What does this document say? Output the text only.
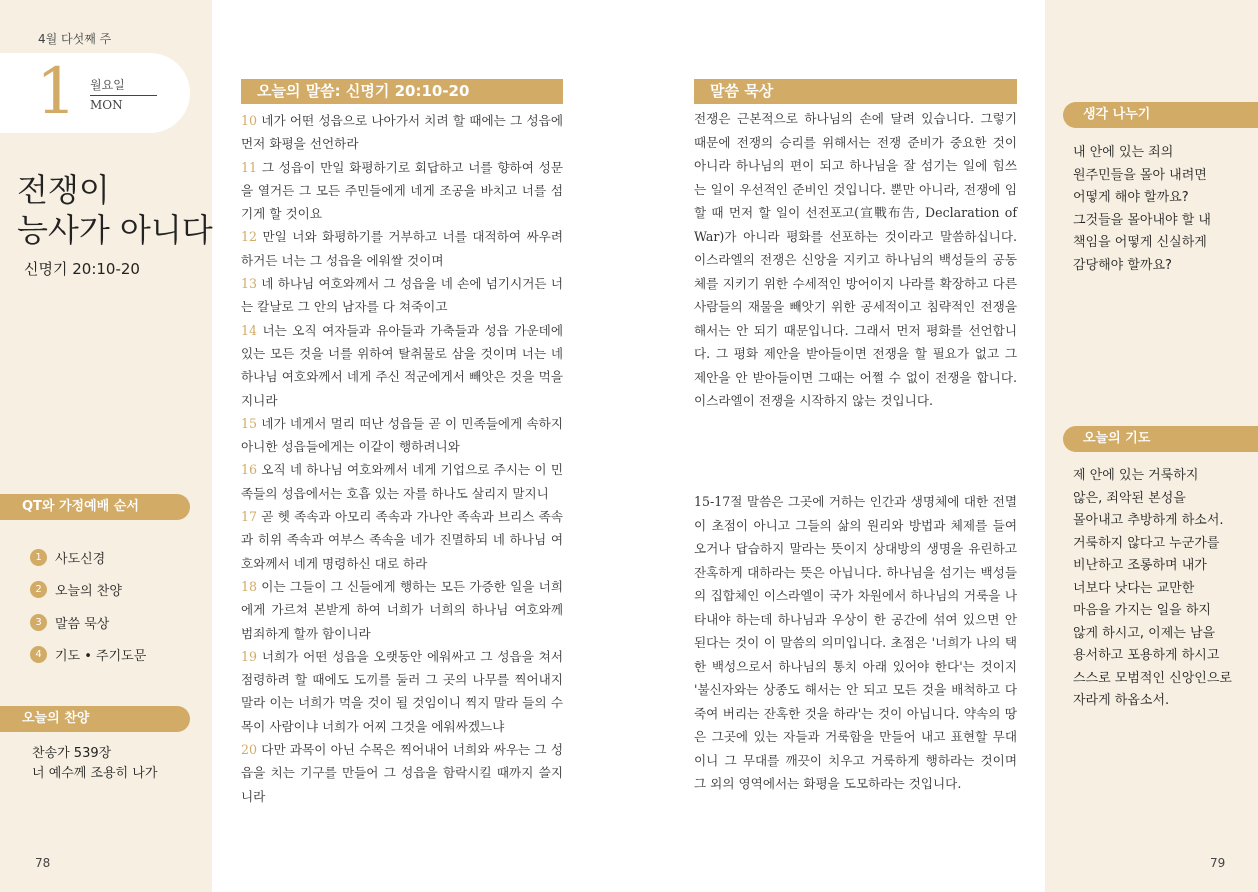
4월 다섯째 주
1 월요일
MON
전쟁이
능사가 아니다
신명기 20:10-20
QT와 가정예배 순서
1	사도신경
2	오늘의 찬양
3	말씀 묵상
4	기도 • 주기도문
오늘의 찬양
찬송가 539장
너 예수께 조용히 나가
78
오늘의 말씀: 신명기 20:10-20
10 네가 어떤 성읍으로 나아가서 치려 할 때에는 그 성읍에 먼저 화평을 선언하라
11 그 성읍이 만일 화평하기로 회답하고 너를 향하여 성문을 열거든 그 모든 주민들에게 네게 조공을 바치고 너를 섬기게 할 것이요
12 만일 너와 화평하기를 거부하고 너를 대적하여 싸우려 하거든 너는 그 성읍을 에워쌀 것이며
13 네 하나님 여호와께서 그 성읍을 네 손에 넘기시거든 너는 칼날로 그 안의 남자를 다 쳐죽이고
14 너는 오직 여자들과 유아들과 가축들과 성읍 가운데에 있는 모든 것을 너를 위하여 탈취물로 삼을 것이며 너는 네 하나님 여호와께서 네게 주신 적군에게서 빼앗은 것을 먹을지니라
15 네가 네게서 멀리 떠난 성읍들 곧 이 민족들에게 속하지 아니한 성읍들에게는 이같이 행하려니와
16 오직 네 하나님 여호와께서 네게 기업으로 주시는 이 민족들의 성읍에서는 호흡 있는 자를 하나도 살리지 말지니
17 곧 헷 족속과 아모리 족속과 가나안 족속과 브리스 족속과 히위 족속과 여부스 족속을 네가 진멸하되 네 하나님 여호와께서 네게 명령하신 대로 하라
18 이는 그들이 그 신들에게 행하는 모든 가증한 일을 너희에게 가르쳐 본받게 하여 너희가 너희의 하나님 여호와께 범죄하게 할까 함이니라
19 너희가 어떤 성읍을 오랫동안 에워싸고 그 성읍을 쳐서 점령하려 할 때에도 도끼를 둘러 그 곳의 나무를 찍어내지 말라 이는 너희가 먹을 것이 될 것임이니 찍지 말라 들의 수목이 사람이냐 너희가 어찌 그것을 에워싸겠느냐
20 다만 과목이 아닌 수목은 찍어내어 너희와 싸우는 그 성읍을 치는 기구를 만들어 그 성읍을 함락시킬 때까지 쓸지니라
말씀 묵상
전쟁은 근본적으로 하나님의 손에 달려 있습니다. 그렇기 때문에 전쟁의 승리를 위해서는 전쟁 준비가 중요한 것이 아니라 하나님의 편이 되고 하나님을 잘 섬기는 일에 힘쓰는 일이 우선적인 준비인 것입니다. 뿐만 아니라, 전쟁에 임할 때 먼저 할 일이 선전포고(宣戰布告, Declaration of War)가 아니라 평화를 선포하는 것이라고 말씀하십니다. 이스라엘의 전쟁은 신앙을 지키고 하나님의 백성들의 공동체를 지키기 위한 수세적인 방어이지 나라를 확장하고 다른 사람들의 재물을 빼앗기 위한 공세적이고 침략적인 전쟁을 해서는 안 되기 때문입니다. 그래서 먼저 평화를 선언합니다. 그 평화 제안을 받아들이면 전쟁을 할 필요가 없고 그 제안을 안 받아들이면 그때는 어쩔 수 없이 전쟁을 합니다. 이스라엘이 전쟁을 시작하지 않는 것입니다.
15-17절 말씀은 그곳에 거하는 인간과 생명체에 대한 전멸이 초점이 아니고 그들의 삶의 원리와 방법과 체제를 들여오거나 답습하지 말라는 뜻이지 상대방의 생명을 유린하고 잔혹하게 대하라는 뜻은 아닙니다. 하나님을 섬기는 백성들의 집합체인 이스라엘이 국가 차원에서 하나님의 거룩을 나타내야 하는데 하나님과 우상이 한 공간에 섞여 있으면 안 된다는 것이 이 말씀의 의미입니다. 초점은 '너희가 나의 택한 백성으로서 하나님의 통치 아래 있어야 한다'는 것이지 '불신자와는 상종도 해서는 안 되고 모든 것을 배척하고 다 죽여 버리는 잔혹한 것을 하라'는 것이 아닙니다. 약속의 땅은 그곳에 있는 자들과 거룩함을 만들어 내고 표현할 무대이니 그 무대를 깨끗이 치우고 거룩하게 행하라는 것이며 그 외의 영역에서는 화평을 도모하라는 것입니다.
생각 나누기
내 안에 있는 죄의
원주민들을 몰아 내려면
어떻게 해야 할까요?
그것들을 몰아내야 할 내
책임을 어떻게 신실하게
감당해야 할까요?
오늘의 기도
제 안에 있는 거룩하지
않은, 죄악된 본성을
몰아내고 추방하게 하소서.
거룩하지 않다고 누군가를
비난하고 조롱하며 내가
너보다 낫다는 교만한
마음을 가지는 일을 하지
않게 하시고, 이제는 남을
용서하고 포용하게 하시고
스스로 모범적인 신앙인으로
자라게 하옵소서.
79
